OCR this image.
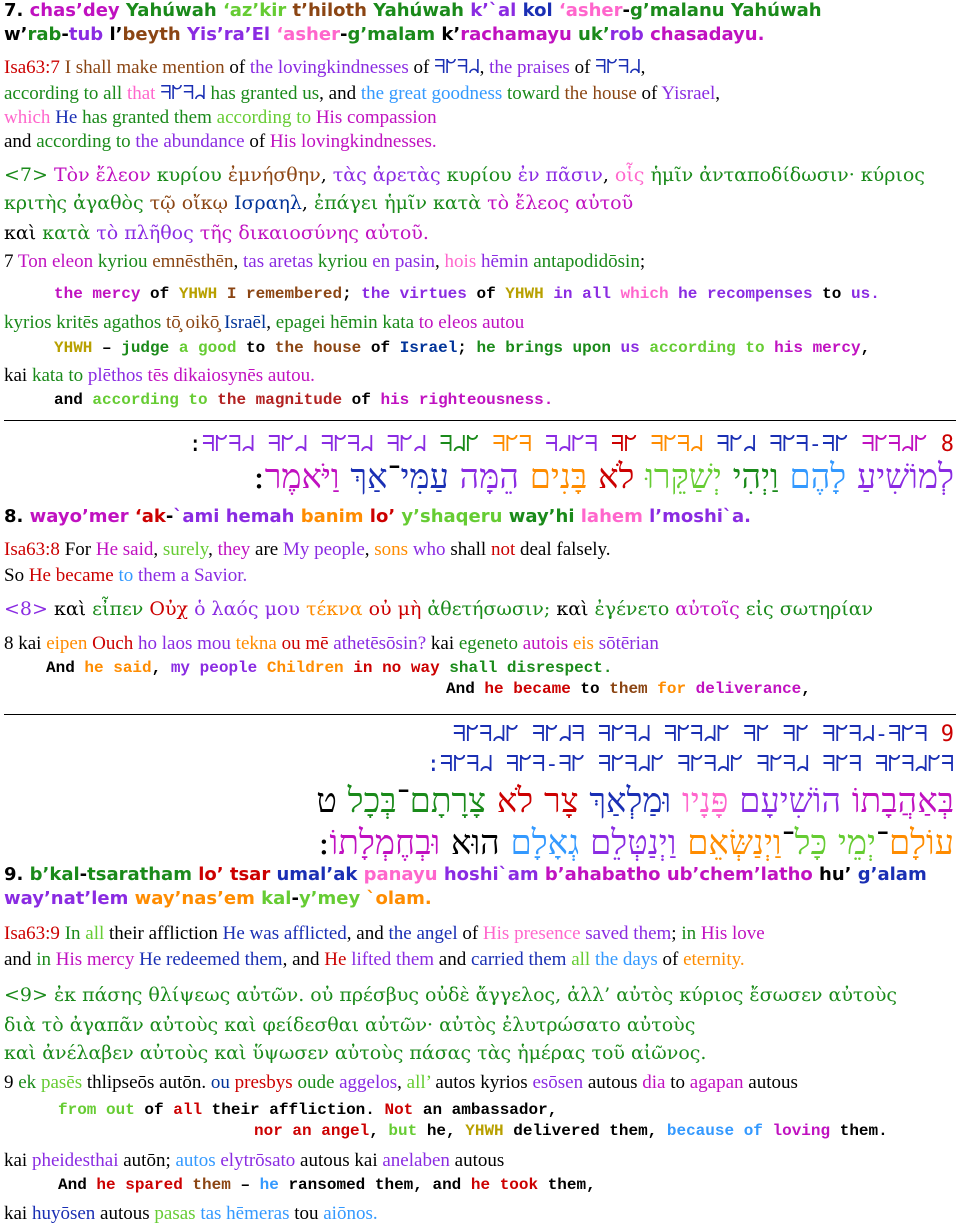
7. chas’dey Yahúwah ‘az’kir t’hiloth Yahúwah k’`al kol ‘asher-g’malanu Yahúwah
w’rab-tub l’beyth Yis’ra’El ‘asher-g’malam k’rachamayu uk’rob chasadayu.
Isa63:7 I shall make mention of the lovingkindnesses of ᖷᖸᖷᖹ, the praises of ᖷᖸᖷᖹ,
according to all that ᖷᖸᖷᖹ has granted us, and the great goodness toward the house of Yisrael,
which He has granted them according to His compassion
and according to the abundance of His lovingkindnesses.
<7> Τὸν ἔλεον κυρίου ἐμνήσθην, τὰς ἀρετὰς κυρίου ἐν πᾶσιν, οἷς ἡμῖν ἀνταποδίδωσιν· κύριος
κριτὴς ἀγαθὸς τῷ οἴκῳ Ισραηλ, ἐπάγει ἡμῖν κατὰ τὸ ἔλεος αὐτοῦ
καὶ κατὰ τὸ πλῆθος τῆς δικαιοσύνης αὐτοῦ.
7 Ton eleon kyriou emnēsthēn, tas aretas kyriou en pasin, hois hēmin antapodidōsin;
the mercy of YHWH I remembered; the virtues of YHWH in all which he recompenses to us.
kyrios kritēs agathos tō̧ oikō̧ Israēl, epagei hēmin kata to eleos autou
YHWH – judge a good to the house of Israel; he brings upon us according to his mercy,
kai kata to plēthos tēs dikaiosynēs autou.
and according to the magnitude of his righteousness.
:ᖷᖸᖷᖹ ᖷᖸᖹ ᖷᖸᖷᖹ ᖷᖸᖹ ᖷᖹᖸ ᖷᖸᖷ ᖷᖹᖸᖷ ᖷᖸ ᖷᖸᖷᖹ ᖷᖸᖹ ᖷᖸᖷ-ᖷᖸ ᖷᖸᖷᖹᖸ 8
:	לְמוֹשִׁיעַ לָהֶם וַיְהִי יְשַׁקֵּרוּ לֹא בָּנִים הֵמָּה עַמִּי־אַךְ וַיֹּאמֶר
8. wayo’mer ‘ak-`ami hemah banim lo’ y’shaqeru way’hi lahem l’moshi`a.
Isa63:8 For He said, surely, they are My people, sons who shall not deal falsely.
So He became to them a Savior.
<8> καὶ εἶπεν Οὐχ ὁ λαός μου τέκνα οὐ μὴ ἀθετήσωσιν; καὶ ἐγένετο αὐτοῖς εἰς σωτηρίαν
8 kai eipen Ouch ho laos mou tekna ou mē athetēsōsin? kai egeneto autois eis sōtērian
And he said, my people Children in no way shall disrespect.
And he became to them for deliverance,
ᖷᖸᖷᖹᖸ ᖷᖸᖹᖷ ᖷᖸᖷᖹ ᖷᖸᖷᖹᖸ ᖷᖸ ᖷᖸ ᖷᖸᖷᖹ-ᖷᖸᖷ 9
:ᖷᖸᖷᖹ ᖷᖸᖷ-ᖷᖸ ᖷᖸᖷᖹᖸ ᖷᖸᖷᖹᖸ ᖷᖸᖷᖹ ᖷᖸᖷ ᖷᖸᖷᖹᖸᖷ
בְּאַהֲבָתוֹ הוֹשִׁיעָם פָּנָיו וּמַלְאַךְ צָר לֹא צָרָתָם־בְּכָל ט
:	עוֹלָם־יְמֵי כָּל־וַיְנַשְּׂאֵם וַיְנַטְּלֵם גְאָלָם הוּא וּבְחֶמְלָתוֹ
9. b’kal-tsaratham lo’ tsar umal’ak panayu hoshi`am b’ahabatho ub’chem’latho hu’ g’alam
way’nat’lem way’nas’em kal-y’mey `olam.
Isa63:9 In all their affliction He was afflicted, and the angel of His presence saved them; in His love
and in His mercy He redeemed them, and He lifted them and carried them all the days of eternity.
<9> ἐκ πάσης θλίψεως αὐτῶν. οὐ πρέσβυς οὐδὲ ἄγγελος, ἀλλ’ αὐτὸς κύριος ἔσωσεν αὐτοὺς
διὰ τὸ ἀγαπᾶν αὐτοὺς καὶ φείδεσθαι αὐτῶν· αὐτὸς ἐλυτρώσατο αὐτοὺς
καὶ ἀνέλαβεν αὐτοὺς καὶ ὕψωσεν αὐτοὺς πάσας τὰς ἡμέρας τοῦ αἰῶνος.
9 ek pasēs thlipseōs autōn. ou presbys oude aggelos, all’ autos kyrios esōsen autous dia to agapan autous
from out of all their affliction. Not an ambassador,
nor an angel, but he, YHWH delivered them, because of loving them.
kai pheidesthai autōn; autos elytrōsato autous kai anelaben autous
And he spared them – he ransomed them, and he took them,
kai huyōsen autous pasas tas hēmeras tou aiōnos.
